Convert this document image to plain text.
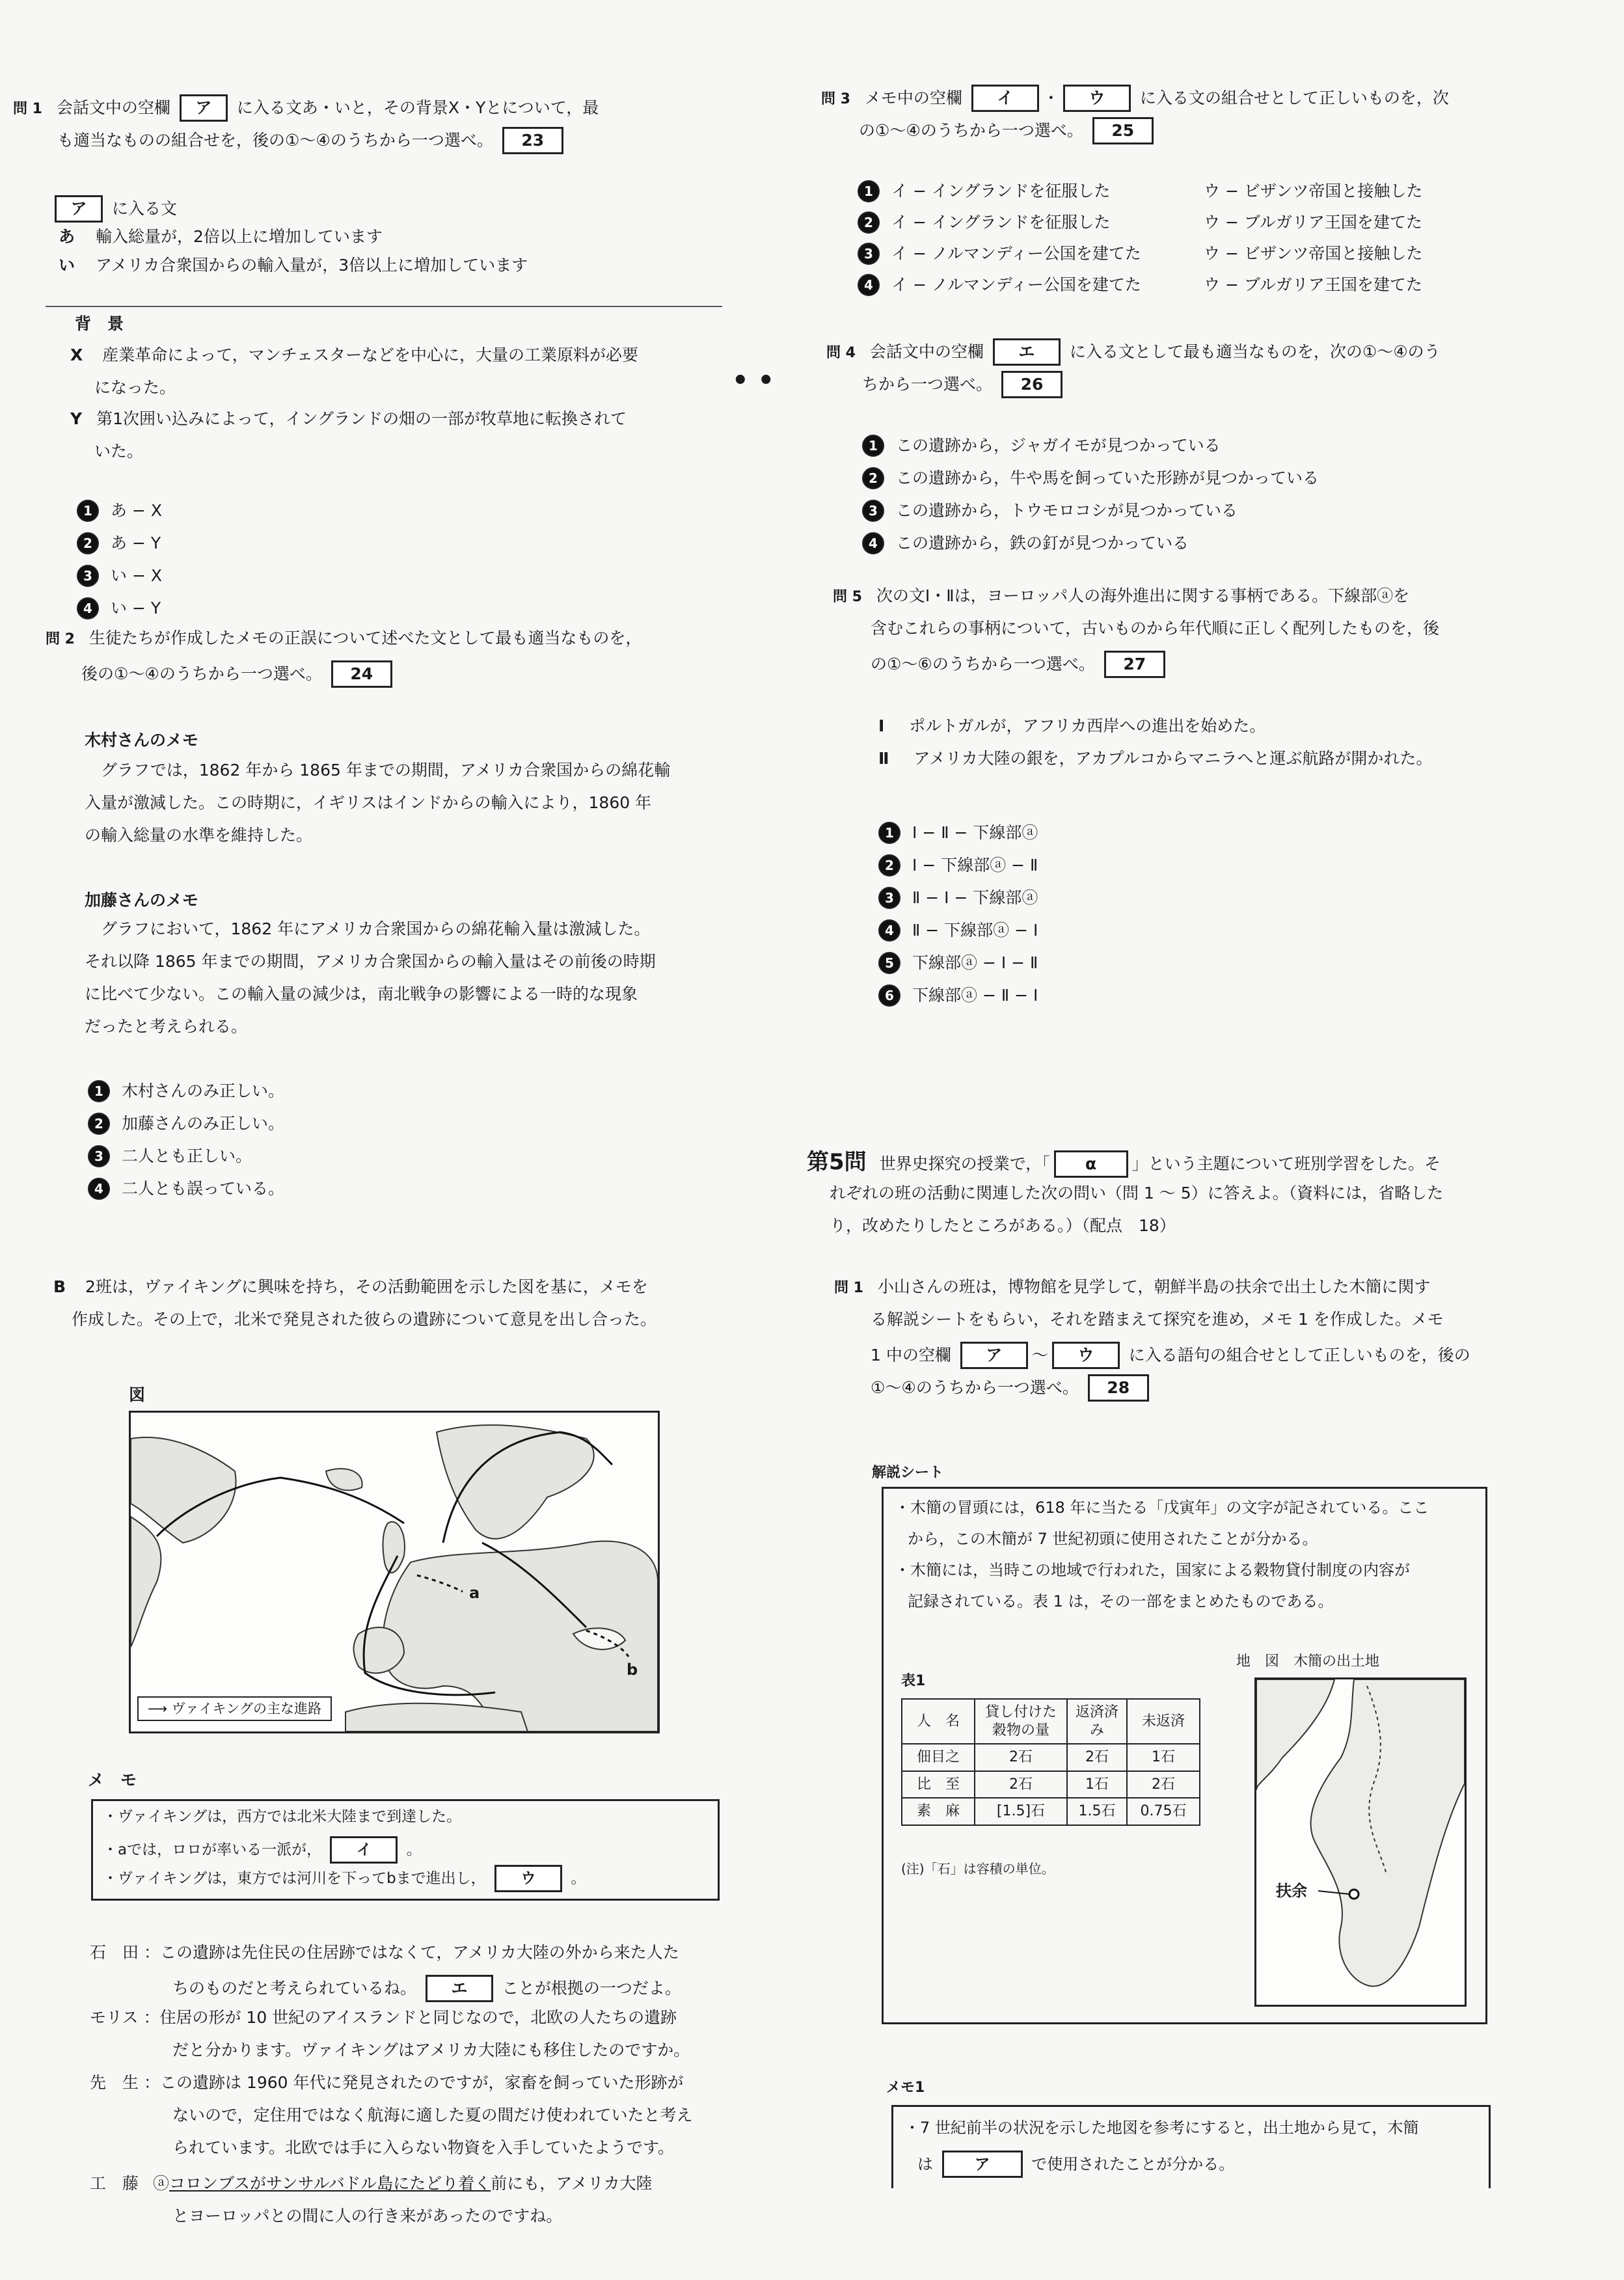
問 1 会話文中の空欄 ア に入る文あ・いと，その背景X・Yとについて，最
も適当なものの組合せを，後の①〜④のうちから一つ選べ。 23
ア に入る文
あ 輸入総量が，2倍以上に増加しています
い アメリカ合衆国からの輸入量が，3倍以上に増加しています
背　景
X 産業革命によって，マンチェスターなどを中心に，大量の工業原料が必要
になった。
Y 第1次囲い込みによって，イングランドの畑の一部が牧草地に転換されて
いた。
1	あ − X
2	あ − Y
3	い − X
4	い − Y
問 2 生徒たちが作成したメモの正誤について述べた文として最も適当なものを，
後の①〜④のうちから一つ選べ。 24
木村さんのメモ
グラフでは，1862 年から 1865 年までの期間，アメリカ合衆国からの綿花輸
入量が激減した。この時期に，イギリスはインドからの輸入により，1860 年
の輸入総量の水準を維持した。
加藤さんのメモ
グラフにおいて，1862 年にアメリカ合衆国からの綿花輸入量は激減した。
それ以降 1865 年までの期間，アメリカ合衆国からの輸入量はその前後の時期
に比べて少ない。この輸入量の減少は，南北戦争の影響による一時的な現象
だったと考えられる。
1	木村さんのみ正しい。
2	加藤さんのみ正しい。
3	二人とも正しい。
4	二人とも誤っている。
B 2班は，ヴァイキングに興味を持ち，その活動範囲を示した図を基に，メモを
作成した。その上で，北米で発見された彼らの遺跡について意見を出し合った。
図
a
b
⟶ ヴァイキングの主な進路
メ　モ
・ヴァイキングは，西方では北米大陸まで到達した。
・aでは，ロロが率いる一派が， イ 。
・ヴァイキングは，東方では河川を下ってbまで進出し， ウ 。
石　田 ：この遺跡は先住民の住居跡ではなくて，アメリカ大陸の外から来た人た
ちのものだと考えられているね。 エ ことが根拠の一つだよ。
モリス ：住居の形が 10 世紀のアイスランドと同じなので，北欧の人たちの遺跡
だと分かります。ヴァイキングはアメリカ大陸にも移住したのですか。
先　生 ：この遺跡は 1960 年代に発見されたのですが，家畜を飼っていた形跡が
ないので，定住用ではなく航海に適した夏の間だけ使われていたと考え
られています。北欧では手に入らない物資を入手していたようです。
工　藤 ⓐコロンブスがサンサルバドル島にたどり着く前にも，アメリカ大陸
とヨーロッパとの間に人の行き来があったのですね。
• •
問 3 メモ中の空欄 イ ・ ウ に入る文の組合せとして正しいものを，次
の①〜④のうちから一つ選べ。 25
1	イ − イングランドを征服した	ウ − ビザンツ帝国と接触した
2	イ − イングランドを征服した	ウ − ブルガリア王国を建てた
3	イ − ノルマンディー公国を建てた	ウ − ビザンツ帝国と接触した
4	イ − ノルマンディー公国を建てた	ウ − ブルガリア王国を建てた
問 4 会話文中の空欄 エ に入る文として最も適当なものを，次の①〜④のう
ちから一つ選べ。 26
1	この遺跡から，ジャガイモが見つかっている
2	この遺跡から，牛や馬を飼っていた形跡が見つかっている
3	この遺跡から，トウモロコシが見つかっている
4	この遺跡から，鉄の釘が見つかっている
問 5 次の文Ⅰ・Ⅱは，ヨーロッパ人の海外進出に関する事柄である。下線部ⓐを
含むこれらの事柄について，古いものから年代順に正しく配列したものを，後
の①〜⑥のうちから一つ選べ。 27
Ⅰ ポルトガルが，アフリカ西岸への進出を始めた。
Ⅱ アメリカ大陸の銀を，アカプルコからマニラへと運ぶ航路が開かれた。
1	Ⅰ − Ⅱ − 下線部ⓐ
2	Ⅰ − 下線部ⓐ − Ⅱ
3	Ⅱ − Ⅰ − 下線部ⓐ
4	Ⅱ − 下線部ⓐ − Ⅰ
5	下線部ⓐ − Ⅰ − Ⅱ
6	下線部ⓐ − Ⅱ − Ⅰ
第5問 世界史探究の授業で，「 α 」という主題について班別学習をした。そ
れぞれの班の活動に関連した次の問い（問 1 〜 5）に答えよ。（資料には，省略した
り，改めたりしたところがある。）（配点　18）
問 1 小山さんの班は，博物館を見学して，朝鮮半島の扶余で出土した木簡に関す
る解説シートをもらい，それを踏まえて探究を進め，メモ 1 を作成した。メモ
1 中の空欄 ア 〜 ウ に入る語句の組合せとして正しいものを，後の
①〜④のうちから一つ選べ。 28
解説シート
・木簡の冒頭には，618 年に当たる「戊寅年」の文字が記されている。ここ
から，この木簡が 7 世紀初頭に使用されたことが分かる。
・木簡には，当時この地域で行われた，国家による穀物貸付制度の内容が
記録されている。表 1 は，その一部をまとめたものである。
表1
人　名	貸し付けた穀物の量	返済済み	未返済
佃目之	2石	2石	1石
比　至	2石	1石	2石
素　麻	[1.5]石	1.5石	0.75石
(注)「石」は容積の単位。
地　図　木簡の出土地
扶余
メモ1
・7 世紀前半の状況を示した地図を参考にすると，出土地から見て，木簡
は	ア	で使用されたことが分かる。
